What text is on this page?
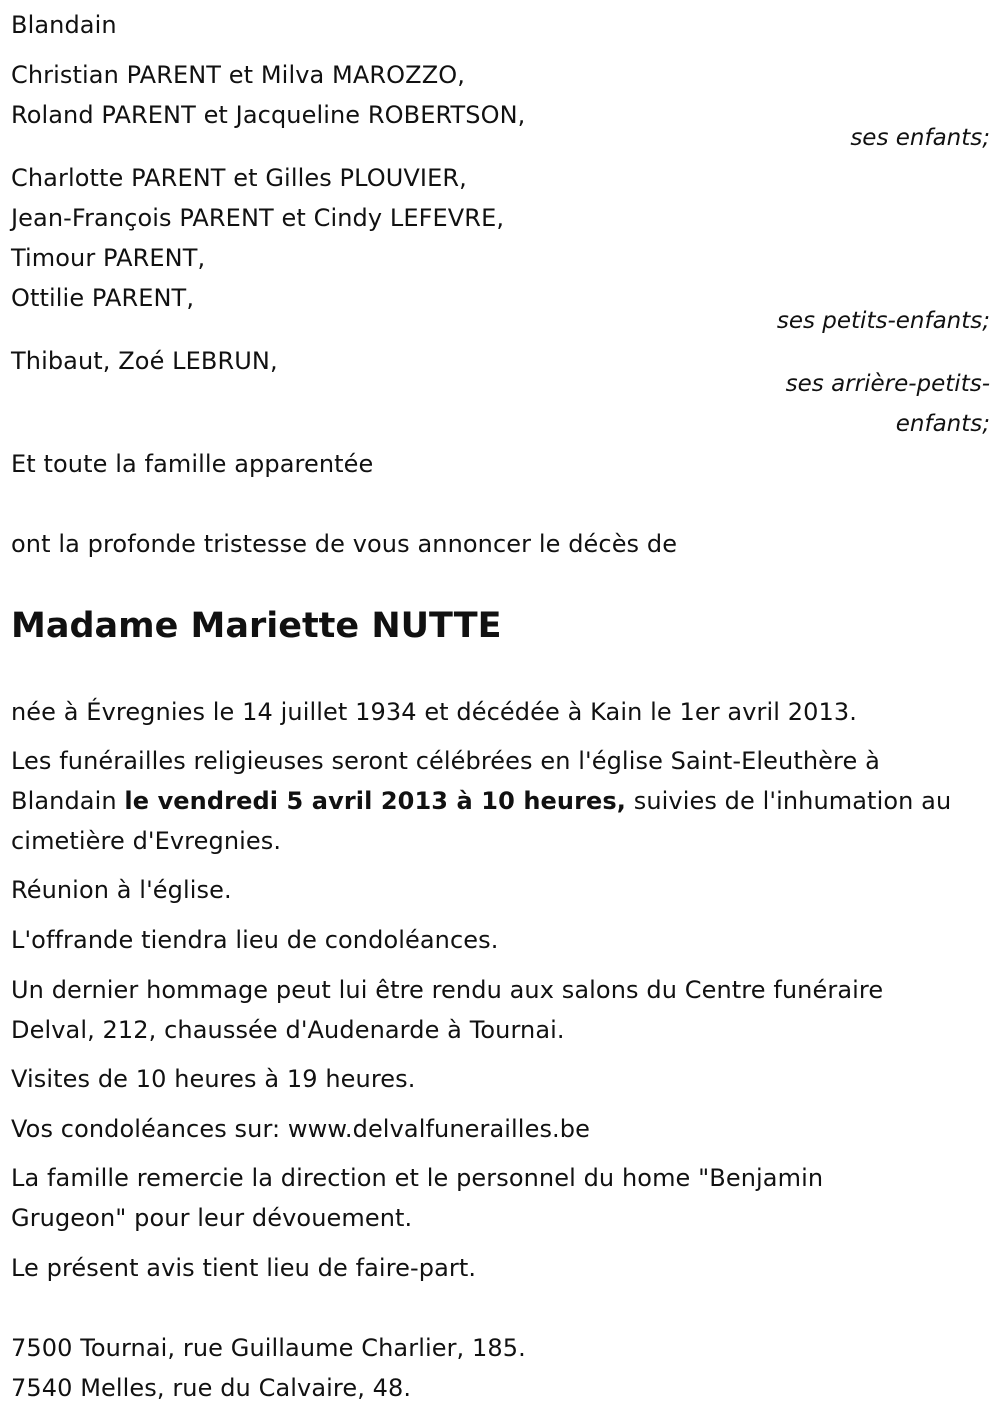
Blandain
Christian PARENT et Milva MAROZZO,
Roland PARENT et Jacqueline ROBERTSON,
ses enfants;
Charlotte PARENT et Gilles PLOUVIER,
Jean-François PARENT et Cindy LEFEVRE,
Timour PARENT,
Ottilie PARENT,
ses petits-enfants;
Thibaut, Zoé LEBRUN,
ses arrière-petits-
enfants;
Et toute la famille apparentée
ont la profonde tristesse de vous annoncer le décès de
Madame Mariette NUTTE
née à Évregnies le 14 juillet 1934 et décédée à Kain le 1er avril 2013.
Les funérailles religieuses seront célébrées en l'église Saint-Eleuthère à
Blandain le vendredi 5 avril 2013 à 10 heures, suivies de l'inhumation au
cimetière d'Evregnies.
Réunion à l'église.
L'offrande tiendra lieu de condoléances.
Un dernier hommage peut lui être rendu aux salons du Centre funéraire
Delval, 212, chaussée d'Audenarde à Tournai.
Visites de 10 heures à 19 heures.
Vos condoléances sur: www.delvalfunerailles.be
La famille remercie la direction et le personnel du home "Benjamin
Grugeon" pour leur dévouement.
Le présent avis tient lieu de faire-part.
7500 Tournai, rue Guillaume Charlier, 185.
7540 Melles, rue du Calvaire, 48.
